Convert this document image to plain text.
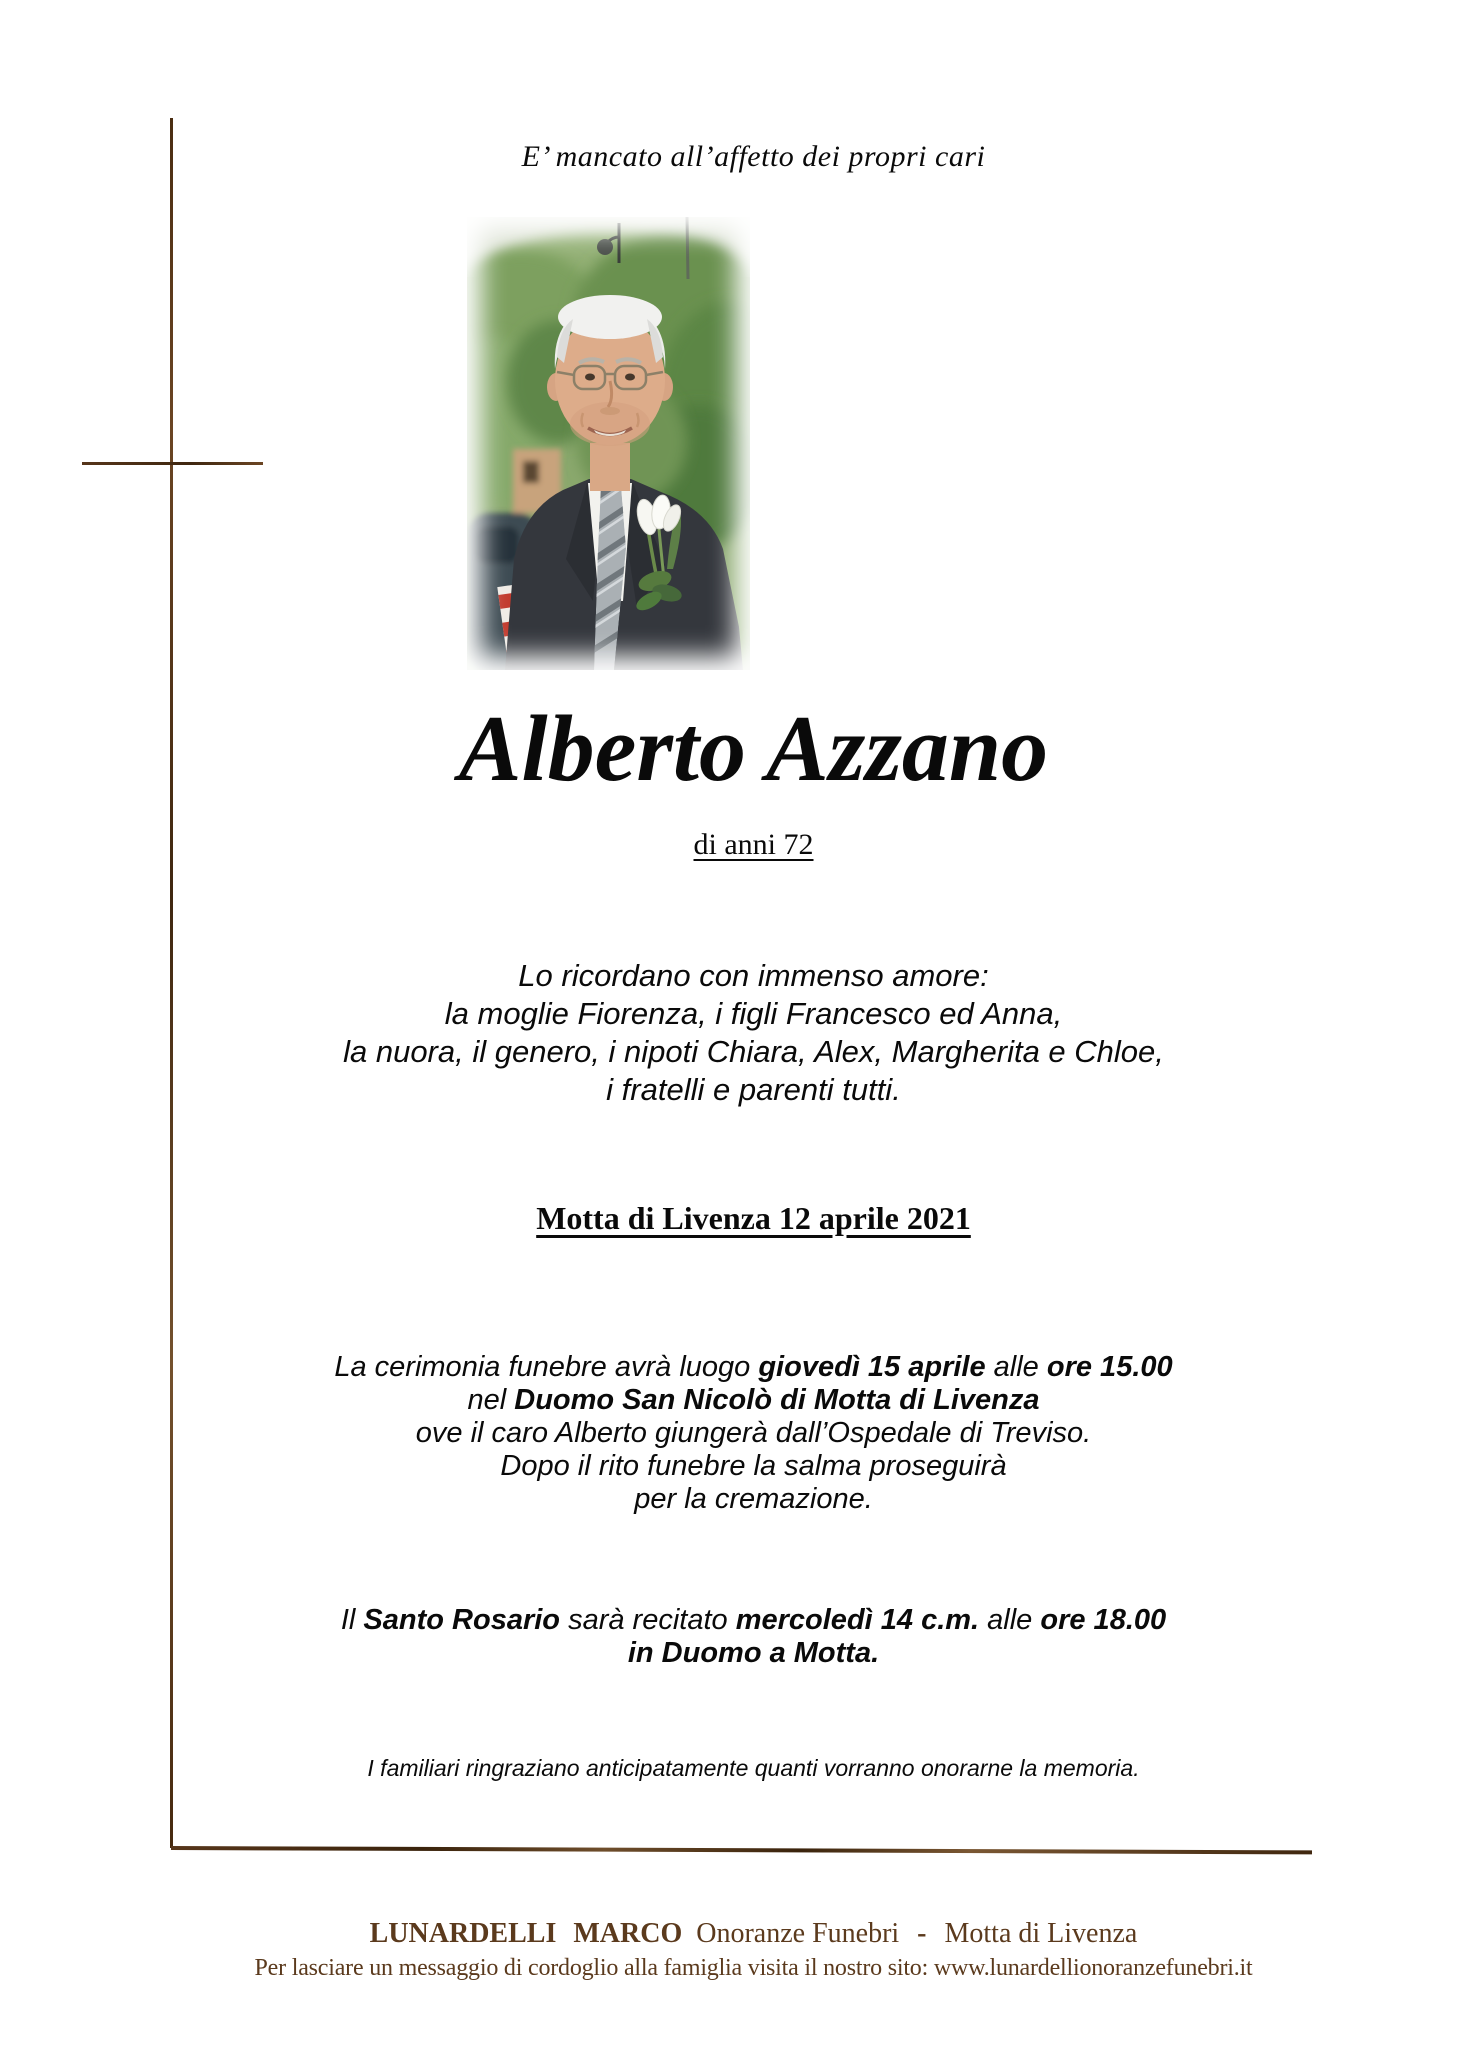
E’ mancato all’affetto dei propri cari
Alberto Azzano
di anni 72
Lo ricordano con immenso amore:
la moglie Fiorenza, i figli Francesco ed Anna,
la nuora, il genero, i nipoti Chiara, Alex, Margherita e Chloe,
i fratelli e parenti tutti.
Motta di Livenza 12 aprile 2021
La cerimonia funebre avrà luogo giovedì 15 aprile alle ore 15.00
nel Duomo San Nicolò di Motta di Livenza
ove il caro Alberto giungerà dall’Ospedale di Treviso.
Dopo il rito funebre la salma proseguirà
per la cremazione.
Il Santo Rosario sarà recitato mercoledì 14 c.m. alle ore 18.00
in Duomo a Motta.
I familiari ringraziano anticipatamente quanti vorranno onorarne la memoria.
LUNARDELLI MARCO Onoranze Funebri - Motta di Livenza
Per lasciare un messaggio di cordoglio alla famiglia visita il nostro sito: www.lunardellionoranzefunebri.it
